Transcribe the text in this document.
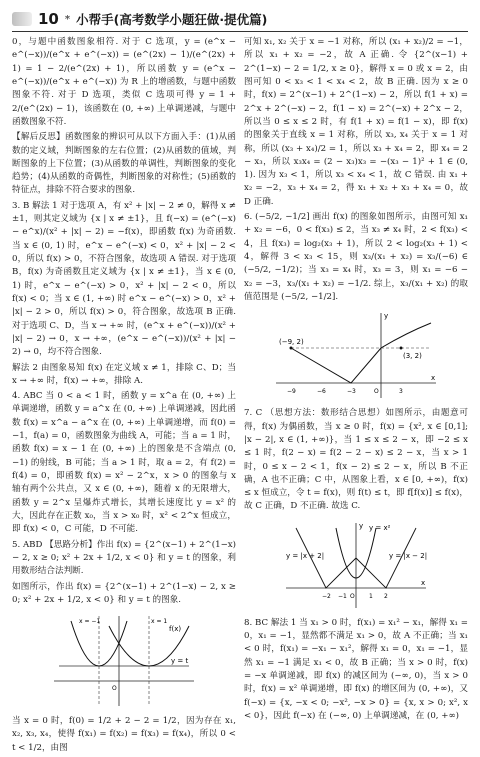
10 * 小帮手(高考数学小题狂做·提优篇)

0，与题中函数图象相符. 对于 C 选项，y = (e^x − e^(−x))/(e^x + e^(−x)) = (e^(2x) − 1)/(e^(2x) + 1) = 1 − 2/(e^(2x) + 1)，所以函数 y = (e^x − e^(−x))/(e^x + e^(−x)) 为 R 上的增函数，与题中函数图象不符. 对于 D 选项，类似 C 选项可得 y = 1 + 2/(e^(2x) − 1)，该函数在 (0, +∞) 上单调递减，与题中函数图象不符.

【解后反思】函数图象的辨识可从以下方面入手：(1)从函数的定义域，判断图象的左右位置；(2)从函数的值域，判断图象的上下位置；(3)从函数的单调性，判断图象的变化趋势；(4)从函数的奇偶性，判断图象的对称性；(5)函数的特征点，排除不符合要求的图象.

3. B 解法 1 对于选项 A，有 x² + |x| − 2 ≠ 0，解得 x ≠ ±1，则其定义域为 {x | x ≠ ±1}，且 f(−x) = (e^(−x) − e^x)/(x² + |x| − 2) = −f(x)，即函数 f(x) 为奇函数. 当 x ∈ (0, 1) 时，e^x − e^(−x) < 0，x² + |x| − 2 < 0，所以 f(x) > 0，不符合图象，故选项 A 错误. 对于选项 B，f(x) 为奇函数且定义域为 {x | x ≠ ±1}，当 x ∈ (0, 1) 时，e^x − e^(−x) > 0，x² + |x| − 2 < 0，所以 f(x) < 0；当 x ∈ (1, +∞) 时 e^x − e^(−x) > 0，x² + |x| − 2 > 0，所以 f(x) > 0，符合图象，故选项 B 正确. 对于选项 C、D，当 x → +∞ 时，(e^x + e^(−x))/(x² + |x| − 2) → 0，x → +∞，(e^x − e^(−x))/(x² + |x| − 2) → 0，均不符合图象.

解法 2 由图象易知 f(x) 在定义域 x ≠ 1，排除 C、D；当 x → +∞ 时，f(x) → +∞，排除 A.

4. ABC 当 0 < a < 1 时，函数 y = x^a 在 (0, +∞) 上单调递增，函数 y = a^x 在 (0, +∞) 上单调递减，因此函数 f(x) = x^a − a^x 在 (0, +∞) 上单调递增，而 f(0) = −1，f(a) = 0，函数图象为曲线 A，可能；当 a = 1 时，函数 f(x) = x − 1 在 (0, +∞) 上的图象是不含端点 (0, −1) 的射线，B 可能；当 a > 1 时，取 a = 2，有 f(2) = f(4) = 0，即函数 f(x) = x² − 2^x，x > 0 的图象与 x 轴有两个公共点，又 x ∈ (0, +∞)，随着 x 的无限增大，函数 y = 2^x 呈爆炸式增长，其增长速度比 y = x² 的大，因此存在正数 x₀，当 x > x₀ 时，x² < 2^x 恒成立，即 f(x) < 0，C 可能，D 不可能.

5. ABD 【思路分析】作出 f(x) = {2^(x−1) + 2^(1−x) − 2, x ≥ 0; x² + 2x + 1/2, x < 0} 和 y = t 的图象，利用数形结合法判断.

如图所示，作出 f(x) = {2^(x−1) + 2^(1−x) − 2, x ≥ 0; x² + 2x + 1/2, x < 0} 和 y = t 的图象.

f(x)
y = t
x = −1	x = 1
O

当 x = 0 时，f(0) = 1/2 + 2 − 2 = 1/2，因为存在 x₁, x₂, x₃, x₄，使得 f(x₁) = f(x₂) = f(x₃) = f(x₄)，所以 0 < t < 1/2，由图

可知 x₁, x₂ 关于 x = −1 对称，所以 (x₁ + x₂)/2 = −1，所以 x₁ + x₂ = −2，故 A 正确. 令 {2^(x−1) + 2^(1−x) − 2 = 1/2, x ≥ 0}，解得 x = 0 或 x = 2，由图可知 0 < x₃ < 1 < x₄ < 2，故 B 正确. 因为 x ≥ 0 时，f(x) = 2^(x−1) + 2^(1−x) − 2，所以 f(1 + x) = 2^x + 2^(−x) − 2，f(1 − x) = 2^(−x) + 2^x − 2，所以当 0 ≤ x ≤ 2 时，有 f(1 + x) = f(1 − x)，即 f(x) 的图象关于直线 x = 1 对称，所以 x₃, x₄ 关于 x = 1 对称，所以 (x₃ + x₄)/2 = 1，所以 x₃ + x₄ = 2，即 x₄ = 2 − x₃，所以 x₃x₄ = (2 − x₃)x₃ = −(x₃ − 1)² + 1 ∈ (0, 1). 因为 x₃ < 1，所以 x₃ < x₄ < 1，故 C 错误. 由 x₁ + x₂ = −2，x₃ + x₄ = 2，得 x₁ + x₂ + x₃ + x₄ = 0，故 D 正确.

6. (−5/2, −1/2] 画出 f(x) 的图象如图所示，由图可知 x₁ + x₂ = −6，0 < f(x₃) ≤ 2，当 x₃ ≠ x₄ 时，2 < f(x₃) < 4，且 f(x₃) = log₂(x₃ + 1)，所以 2 < log₂(x₃ + 1) < 4，解得 3 < x₃ < 15，则 x₃/(x₁ + x₂) = x₃/(−6) ∈ (−5/2, −1/2)；当 x₃ = x₄ 时，x₃ = 3，则 x₁ = −6 − x₂ = −3，x₃/(x₁ + x₂) = −1/2. 综上，x₃/(x₁ + x₂) 的取值范围是 (−5/2, −1/2].

(−9, 2)
(3, 2)
−9	−6	−3	O	3
x
y

7. C （思想方法：数形结合思想）如图所示，由题意可得，f(x) 为偶函数，当 x ≥ 0 时，f(x) = {x², x ∈ [0,1]; |x − 2|, x ∈ (1, +∞)}，当 1 ≤ x ≤ 2 − x，即 −2 ≤ x ≤ 1 时，f(2 − x) = f(2 − 2 − x) ≤ 2 − x，当 x > 1 时，0 ≤ x − 2 < 1，f(x − 2) ≤ 2 − x，所以 B 不正确，A 也不正确；C 中，从图象上看，x ∈ [0, +∞)，f(x) ≤ x 恒成立，令 t = f(x)，则 f(t) ≤ t，即 f[f(x)] ≤ f(x)，故 C 正确，D 不正确. 故选 C.

y = x²
y = |x + 2|	y = |x − 2|
−2 −1 O 1 2
x
y

8. BC 解法 1 当 x₁ > 0 时，f(x₁) = x₁² − x₁，解得 x₁ = 0，x₁ = −1，显然都不满足 x₁ > 0，故 A 不正确；当 x₁ < 0 时，f(x₁) = −x₁ − x₁²，解得 x₁ = 0，x₁ = −1，显然 x₁ = −1 满足 x₁ < 0，故 B 正确；当 x > 0 时，f(x) = −x 单调递减，即 f(x) 的减区间为 (−∞, 0)，当 x > 0 时，f(x) = x² 单调递增，即 f(x) 的增区间为 (0, +∞)，又 f(−x) = {x, −x < 0; −x², −x > 0} = {x, x > 0; x², x < 0}，因此 f(−x) 在 (−∞, 0) 上单调递减，在 (0, +∞)
